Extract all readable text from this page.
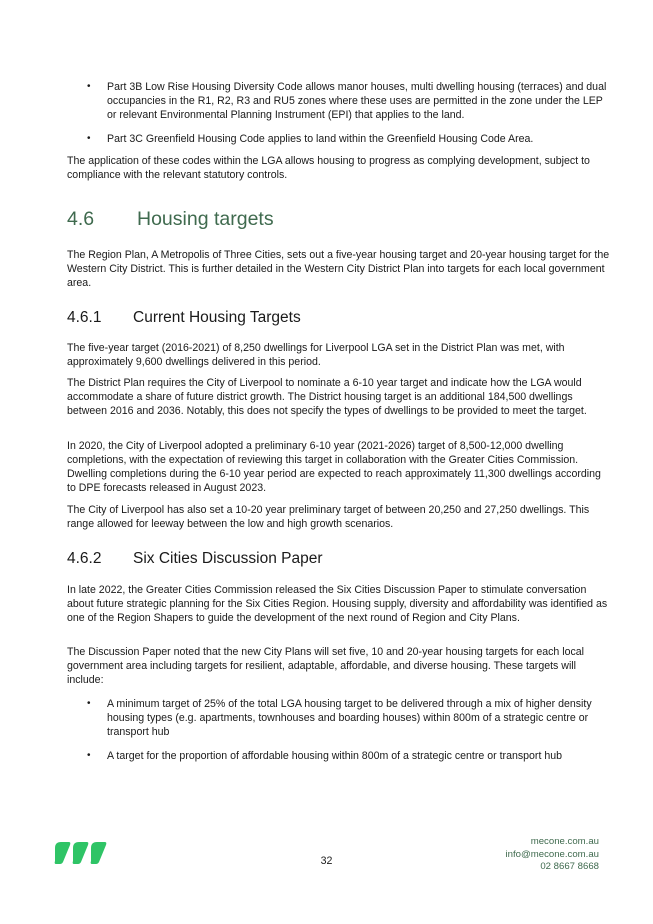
• Part 3B Low Rise Housing Diversity Code allows manor houses, multi dwelling housing (terraces) and dual occupancies in the R1, R2, R3 and RU5 zones where these uses are permitted in the zone under the LEP or relevant Environmental Planning Instrument (EPI) that applies to the land.
• Part 3C Greenfield Housing Code applies to land within the Greenfield Housing Code Area.

The application of these codes within the LGA allows housing to progress as complying development, subject to compliance with the relevant statutory controls.

4.6 Housing targets

The Region Plan, A Metropolis of Three Cities, sets out a five-year housing target and 20-year housing target for the Western City District. This is further detailed in the Western City District Plan into targets for each local government area.

4.6.1 Current Housing Targets

The five-year target (2016-2021) of 8,250 dwellings for Liverpool LGA set in the District Plan was met, with approximately 9,600 dwellings delivered in this period.

The District Plan requires the City of Liverpool to nominate a 6-10 year target and indicate how the LGA would accommodate a share of future district growth. The District housing target is an additional 184,500 dwellings between 2016 and 2036. Notably, this does not specify the types of dwellings to be provided to meet the target.

In 2020, the City of Liverpool adopted a preliminary 6-10 year (2021-2026) target of 8,500-12,000 dwelling completions, with the expectation of reviewing this target in collaboration with the Greater Cities Commission. Dwelling completions during the 6-10 year period are expected to reach approximately 11,300 dwellings according to DPE forecasts released in August 2023.

The City of Liverpool has also set a 10-20 year preliminary target of between 20,250 and 27,250 dwellings. This range allowed for leeway between the low and high growth scenarios.

4.6.2 Six Cities Discussion Paper

In late 2022, the Greater Cities Commission released the Six Cities Discussion Paper to stimulate conversation about future strategic planning for the Six Cities Region. Housing supply, diversity and affordability was identified as one of the Region Shapers to guide the development of the next round of Region and City Plans.

The Discussion Paper noted that the new City Plans will set five, 10 and 20-year housing targets for each local government area including targets for resilient, adaptable, affordable, and diverse housing. These targets will include:

• A minimum target of 25% of the total LGA housing target to be delivered through a mix of higher density housing types (e.g. apartments, townhouses and boarding houses) within 800m of a strategic centre or transport hub
• A target for the proportion of affordable housing within 800m of a strategic centre or transport hub
32
mecone.com.au
info@mecone.com.au
02 8667 8668
